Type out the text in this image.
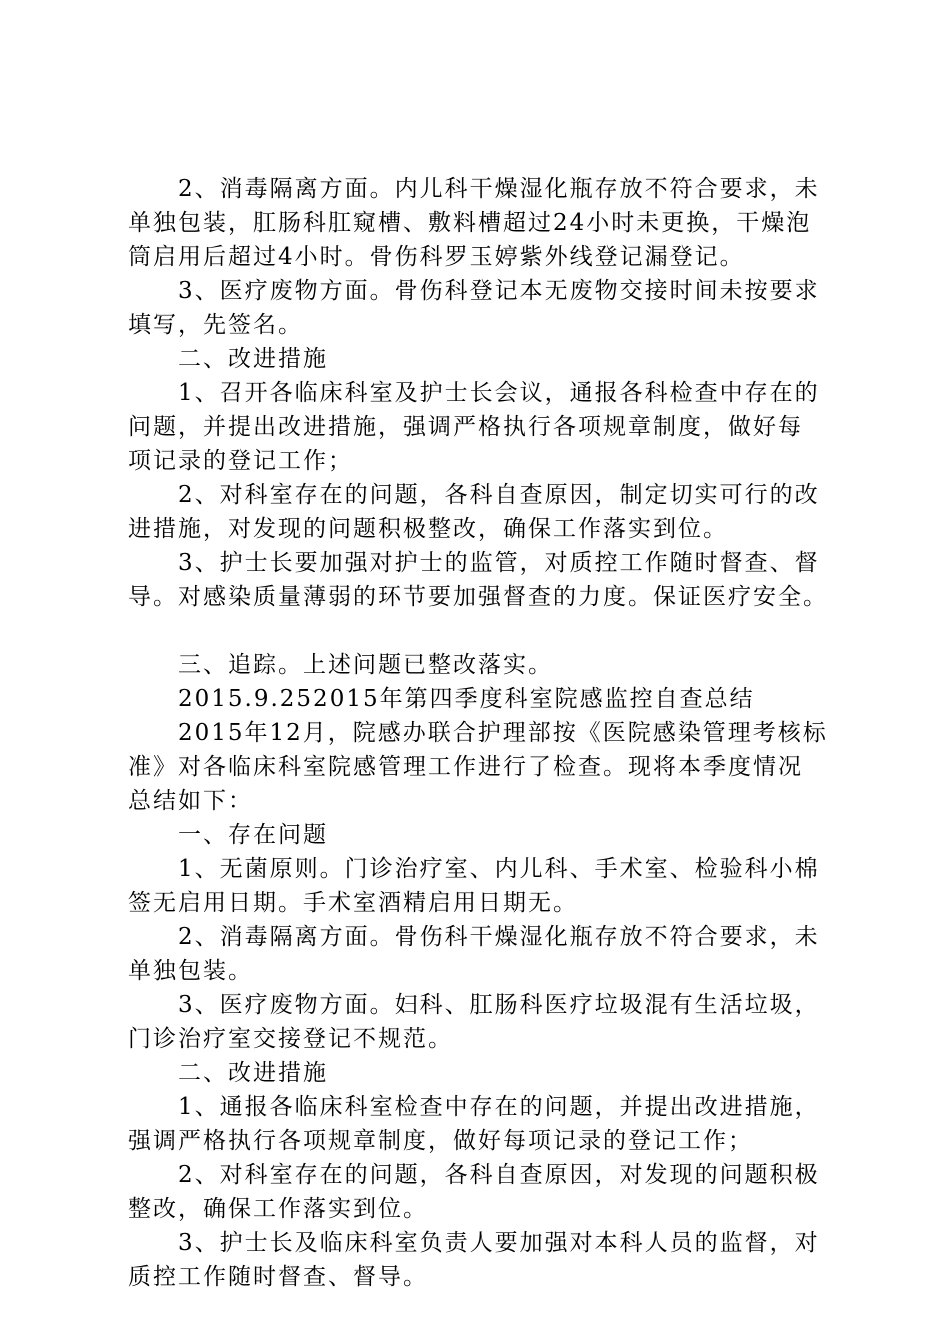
2、消毒隔离方面。内儿科干燥湿化瓶存放不符合要求，未
单独包装，肛肠科肛窥槽、敷料槽超过24小时未更换，干燥泡
筒启用后超过4小时。骨伤科罗玉婷紫外线登记漏登记。
3、医疗废物方面。骨伤科登记本无废物交接时间未按要求
填写，先签名。
二、改进措施
1、召开各临床科室及护士长会议，通报各科检查中存在的
问题，并提出改进措施，强调严格执行各项规章制度，做好每
项记录的登记工作；
2、对科室存在的问题，各科自查原因，制定切实可行的改
进措施，对发现的问题积极整改，确保工作落实到位。
3、护士长要加强对护士的监管，对质控工作随时督查、督
导。对感染质量薄弱的环节要加强督查的力度。保证医疗安全。
三、追踪。上述问题已整改落实。
2015.9.252015年第四季度科室院感监控自查总结
2015年12月，院感办联合护理部按《医院感染管理考核标
准》对各临床科室院感管理工作进行了检查。现将本季度情况
总结如下：
一、存在问题
1、无菌原则。门诊治疗室、内儿科、手术室、检验科小棉
签无启用日期。手术室酒精启用日期无。
2、消毒隔离方面。骨伤科干燥湿化瓶存放不符合要求，未
单独包装。
3、医疗废物方面。妇科、肛肠科医疗垃圾混有生活垃圾，
门诊治疗室交接登记不规范。
二、改进措施
1、通报各临床科室检查中存在的问题，并提出改进措施，
强调严格执行各项规章制度，做好每项记录的登记工作；
2、对科室存在的问题，各科自查原因，对发现的问题积极
整改，确保工作落实到位。
3、护士长及临床科室负责人要加强对本科人员的监督，对
质控工作随时督查、督导。
